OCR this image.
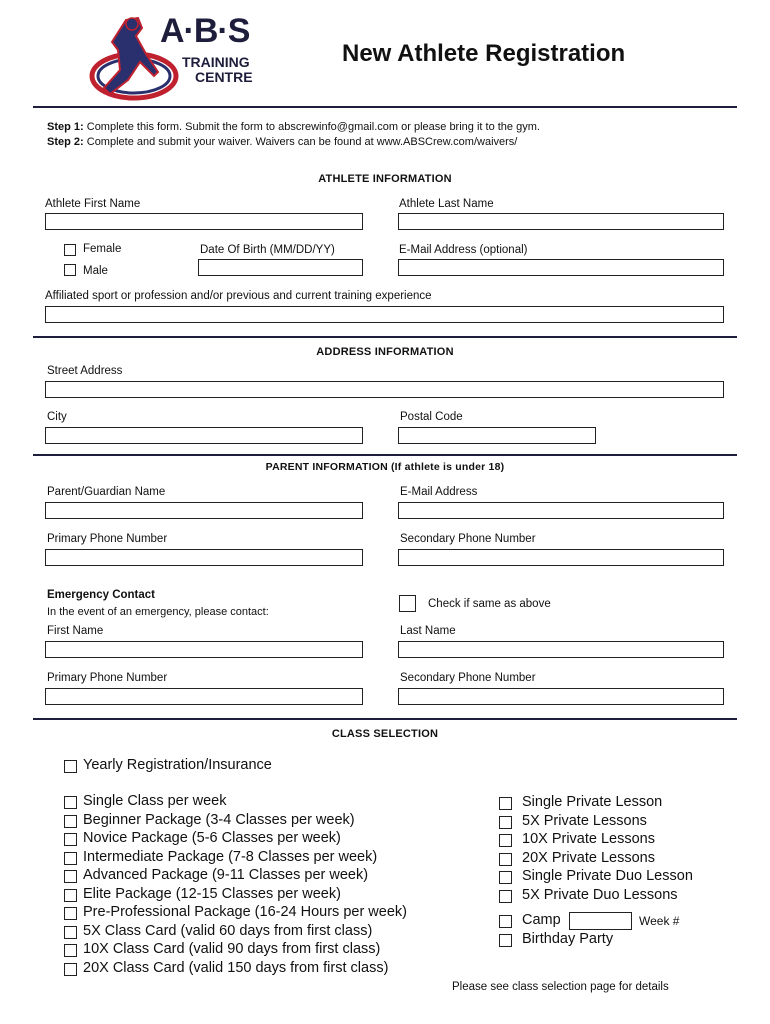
A·B·S
TRAINING
CENTRE
New Athlete Registration
Step 1: Complete this form. Submit the form to abscrewinfo@gmail.com or please bring it to the gym.
Step 2: Complete and submit your waiver. Waivers can be found at www.ABSCrew.com/waivers/
ATHLETE INFORMATION
Athlete First Name	Athlete Last Name
Female
Male
Date Of Birth (MM/DD/YY)	E-Mail Address (optional)
Affiliated sport or profession and/or previous and current training experience
ADDRESS INFORMATION
Street Address
City	Postal Code
PARENT INFORMATION (If athlete is under 18)
Parent/Guardian Name	E-Mail Address
Primary Phone Number	Secondary Phone Number
Emergency Contact
In the event of an emergency, please contact:
Check if same as above
First Name	Last Name
Primary Phone Number	Secondary Phone Number
CLASS SELECTION
Yearly Registration/Insurance
Single Class per week
Beginner Package (3-4 Classes per week)
Novice Package (5-6 Classes per week)
Intermediate Package (7-8 Classes per week)
Advanced Package (9-11 Classes per week)
Elite Package (12-15 Classes per week)
Pre-Professional Package (16-24 Hours per week)
5X Class Card (valid 60 days from first class)
10X Class Card (valid 90 days from first class)
20X Class Card (valid 150 days from first class)
Single Private Lesson
5X Private Lessons
10X Private Lessons
20X Private Lessons
Single Private Duo Lesson
5X Private Duo Lessons
Camp	Week #
Birthday Party
Please see class selection page for details
